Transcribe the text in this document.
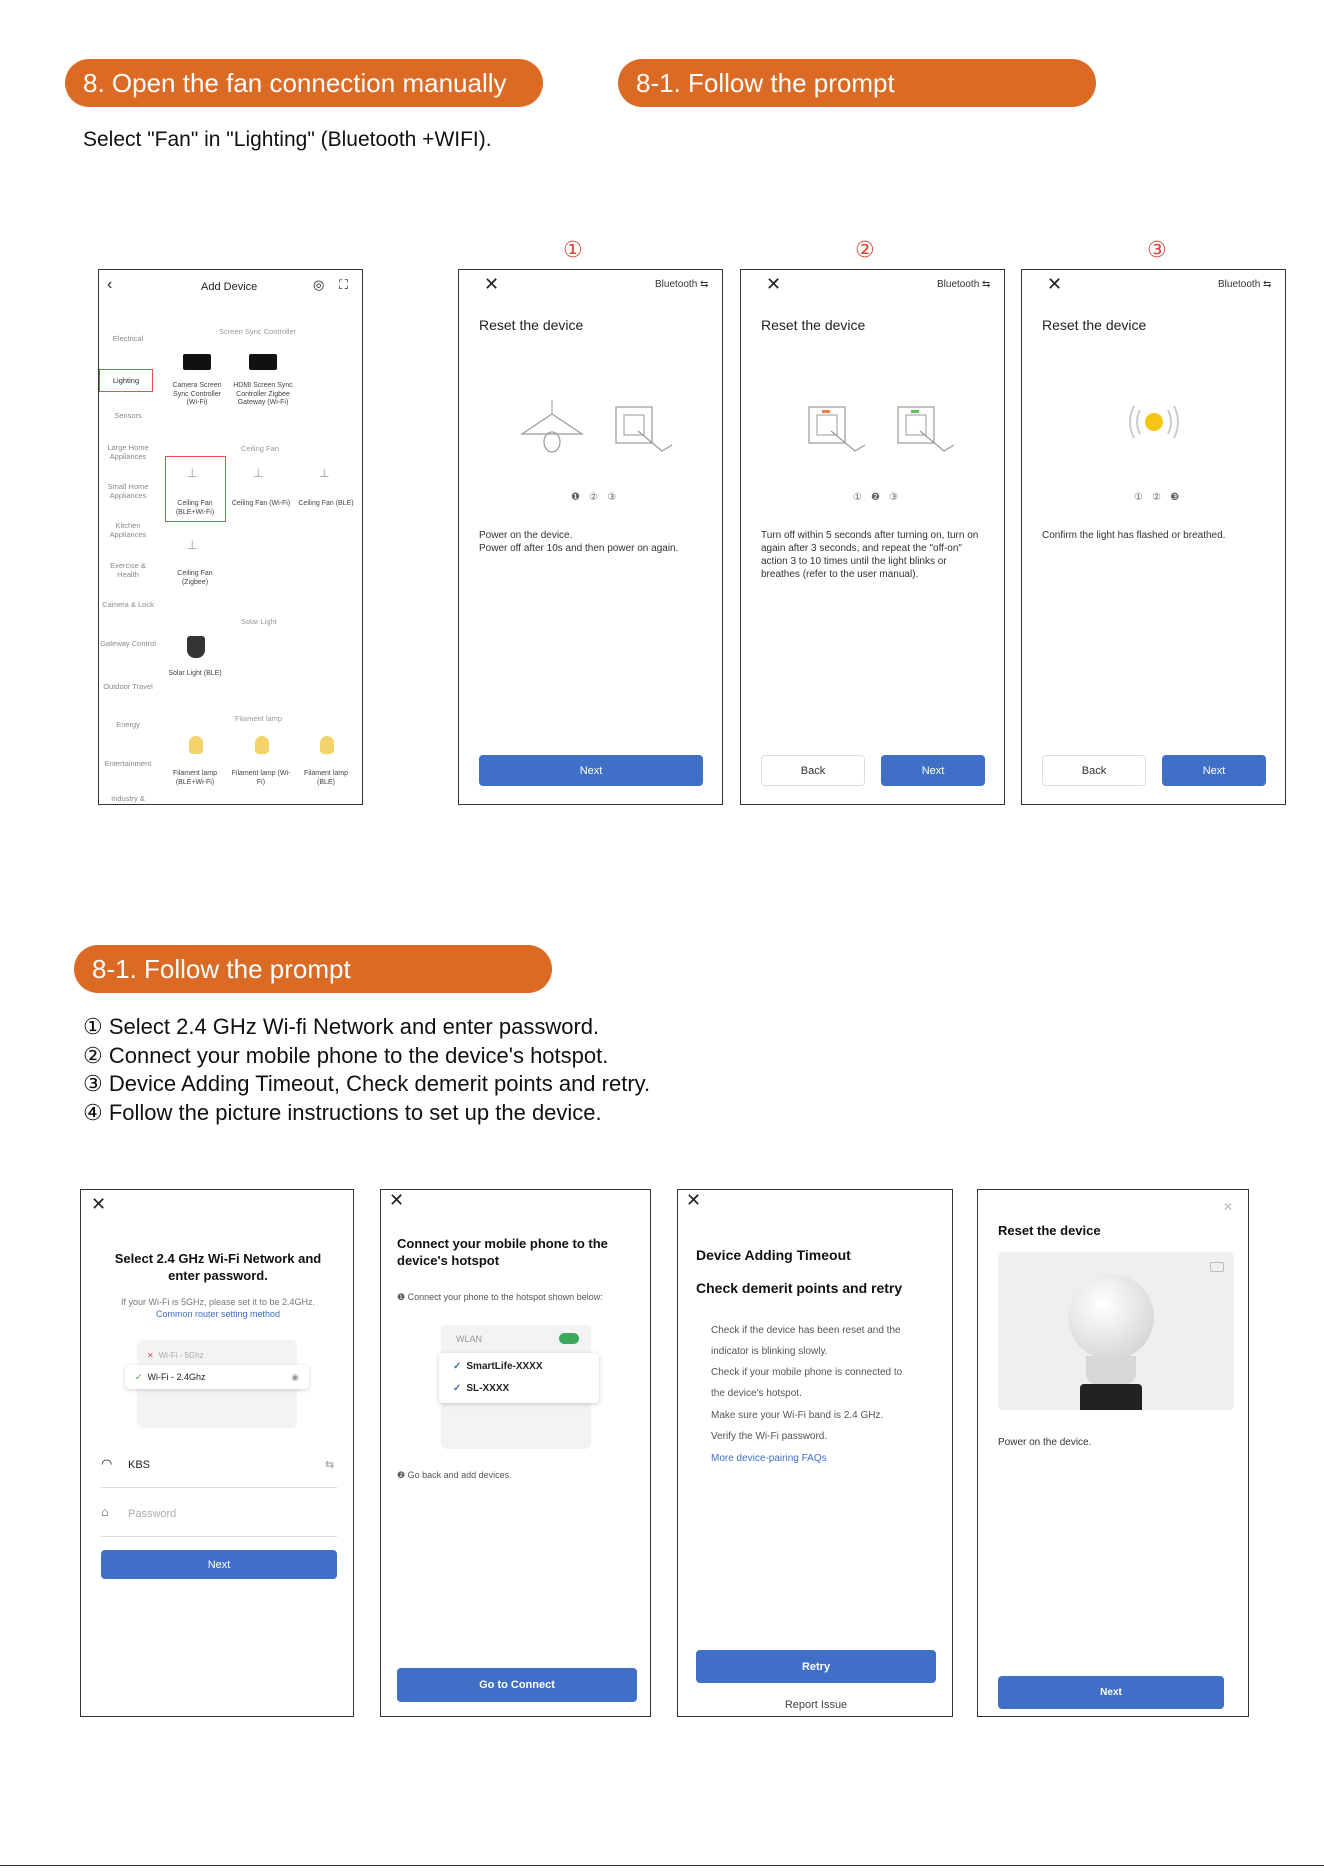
8. Open the fan connection manually	8-1. Follow the prompt
Select "Fan" in "Lighting" (Bluetooth +WIFI).
①	②	③
‹	Add Device	◎ ⛶
Electrical
Lighting
Sensors
Large Home Appliances
Small Home Appliances
Kitchen Appliances
Exercise & Health
Camera & Lock
Gateway Control
Outdoor Travel
Energy
Entertainment
Industry &
Screen Sync Controller
Camera Screen Sync Controller (Wi-Fi)
HDMI Screen Sync Controller Zigbee Gateway (Wi-Fi)
Ceiling Fan
⊥	⊥	⊥
Ceiling Fan (BLE+Wi-Fi)
Ceiling Fan (Wi-Fi)	Ceiling Fan (BLE)
⊥
Ceiling Fan (Zigbee)
Solar Light
Solar Light (BLE)
Filament lamp
Filament lamp (BLE+Wi-Fi)
Filament lamp (Wi-Fi)
Filament lamp (BLE)
✕	Bluetooth ⇆
Reset the device
❶ ② ③
Power on the device.
Power off after 10s and then power on again.
Next
✕	Bluetooth ⇆
Reset the device
① ❷ ③
Turn off within 5 seconds after turning on, turn on again after 3 seconds, and repeat the "off-on" action 3 to 10 times until the light blinks or breathes (refer to the user manual).
Back	Next
✕	Bluetooth ⇆
Reset the device
① ② ❸
Confirm the light has flashed or breathed.
Back	Next
8-1. Follow the prompt
① Select 2.4 GHz Wi-fi Network and enter password.
② Connect your mobile phone to the device's hotspot.
③ Device Adding Timeout, Check demerit points and retry.
④ Follow the picture instructions to set up the device.
✕
Select 2.4 GHz Wi-Fi Network and enter password.
If your Wi-Fi is 5GHz, please set it to be 2.4GHz.
Common router setting method
✕ Wi-Fi - 5Ghz
✓ Wi-Fi - 2.4Ghz	◉
◠ KBS	⇆
⌂ Password
Next
✕
Connect your mobile phone to the device's hotspot
❶ Connect your phone to the hotspot shown below:
WLAN
✓ SmartLife-XXXX
✓ SL-XXXX
❷ Go back and add devices.
Go to Connect
✕
Device Adding Timeout
Check demerit points and retry
Check if the device has been reset and the
indicator is blinking slowly.
Check if your mobile phone is connected to
the device's hotspot.
Make sure your Wi-Fi band is 2.4 GHz.
Verify the Wi-Fi password.
More device-pairing FAQs
Retry
Report Issue
✕
Reset the device
Power on the device.
Next
